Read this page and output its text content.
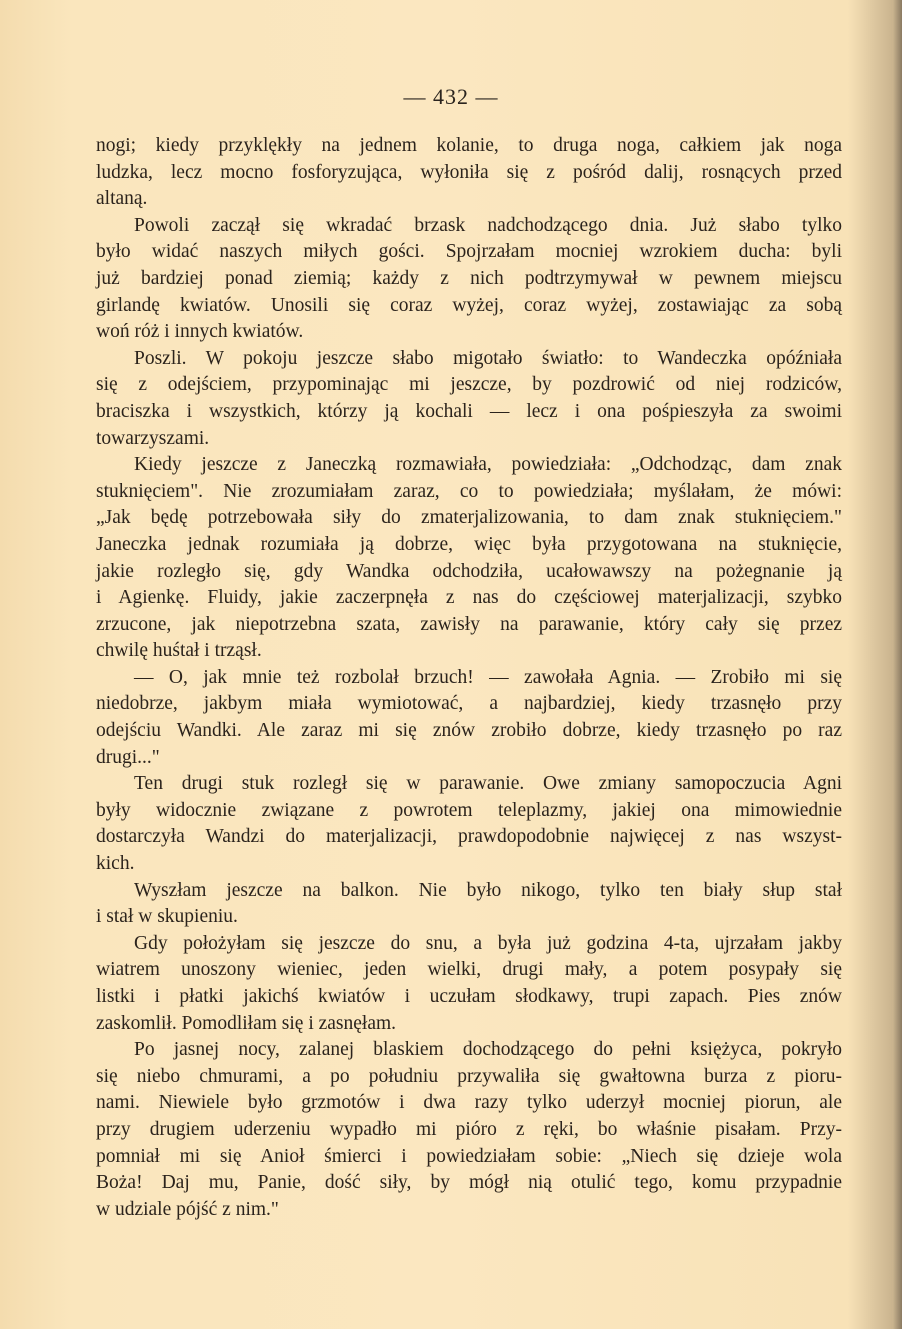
— 432 —
nogi; kiedy przyklękły na jednem kolanie, to druga noga, całkiem jak noga
ludzka, lecz mocno fosforyzująca, wyłoniła się z pośród dalij, rosnących przed
altaną.
Powoli zaczął się wkradać brzask nadchodzącego dnia. Już słabo tylko
było widać naszych miłych gości. Spojrzałam mocniej wzrokiem ducha: byli
już bardziej ponad ziemią; każdy z nich podtrzymywał w pewnem miejscu
girlandę kwiatów. Unosili się coraz wyżej, coraz wyżej, zostawiając za sobą
woń róż i innych kwiatów.
Poszli. W pokoju jeszcze słabo migotało światło: to Wandeczka opóźniała
się z odejściem, przypominając mi jeszcze, by pozdrowić od niej rodziców,
braciszka i wszystkich, którzy ją kochali — lecz i ona pośpieszyła za swoimi
towarzyszami.
Kiedy jeszcze z Janeczką rozmawiała, powiedziała: „Odchodząc, dam znak
stuknięciem". Nie zrozumiałam zaraz, co to powiedziała; myślałam, że mówi:
„Jak będę potrzebowała siły do zmaterjalizowania, to dam znak stuknięciem."
Janeczka jednak rozumiała ją dobrze, więc była przygotowana na stuknięcie,
jakie rozległo się, gdy Wandka odchodziła, ucałowawszy na pożegnanie ją
i Agienkę. Fluidy, jakie zaczerpnęła z nas do częściowej materjalizacji, szybko
zrzucone, jak niepotrzebna szata, zawisły na parawanie, który cały się przez
chwilę huśtał i trząsł.
— O, jak mnie też rozbolał brzuch! — zawołała Agnia. — Zrobiło mi się
niedobrze, jakbym miała wymiotować, a najbardziej, kiedy trzasnęło przy
odejściu Wandki. Ale zaraz mi się znów zrobiło dobrze, kiedy trzasnęło po raz
drugi..."
Ten drugi stuk rozległ się w parawanie. Owe zmiany samopoczucia Agni
były widocznie związane z powrotem teleplazmy, jakiej ona mimowiednie
dostarczyła Wandzi do materjalizacji, prawdopodobnie najwięcej z nas wszyst-
kich.
Wyszłam jeszcze na balkon. Nie było nikogo, tylko ten biały słup stał
i stał w skupieniu.
Gdy położyłam się jeszcze do snu, a była już godzina 4-ta, ujrzałam jakby
wiatrem unoszony wieniec, jeden wielki, drugi mały, a potem posypały się
listki i płatki jakichś kwiatów i uczułam słodkawy, trupi zapach. Pies znów
zaskomlił. Pomodliłam się i zasnęłam.
Po jasnej nocy, zalanej blaskiem dochodzącego do pełni księżyca, pokryło
się niebo chmurami, a po południu przywaliła się gwałtowna burza z pioru-
nami. Niewiele było grzmotów i dwa razy tylko uderzył mocniej piorun, ale
przy drugiem uderzeniu wypadło mi pióro z ręki, bo właśnie pisałam. Przy-
pomniał mi się Anioł śmierci i powiedziałam sobie: „Niech się dzieje wola
Boża! Daj mu, Panie, dość siły, by mógł nią otulić tego, komu przypadnie
w udziale pójść z nim."
